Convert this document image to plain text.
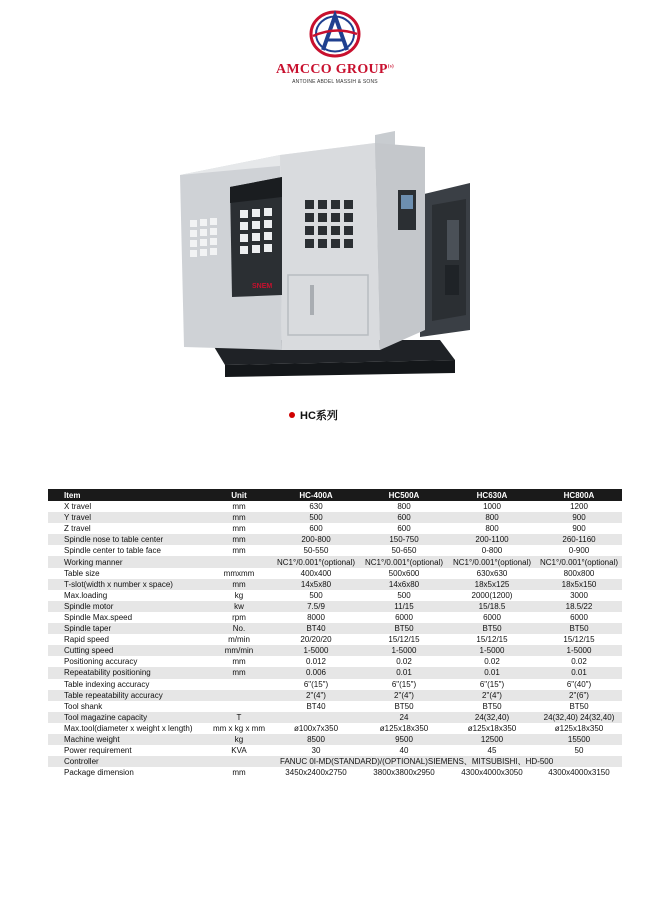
AMCCO GROUP$^{(s)}$
ANTOINE ABDEL MASSIH & SONS
SNEM
HC系列
Item	Unit	HC-400A	HC500A	HC630A	HC800A
X travel	mm	630	800	1000	1200
Y travel	mm	500	600	800	900
Z travel	mm	600	600	800	900
Spindle nose to table center	mm	200-800	150-750	200-1100	260-1160
Spindle center to table face	mm	50-550	50-650	0-800	0-900
Working manner		NC1°/0.001°(optional)	NC1°/0.001°(optional)	NC1°/0.001°(optional)	NC1°/0.001°(optional)
Table size	mmxmm	400x400	500x600	630x630	800x800
T-slot(width x number x space)	mm	14x5x80	14x6x80	18x5x125	18x5x150
Max.loading	kg	500	500	2000(1200)	3000
Spindle motor	kw	7.5/9	11/15	15/18.5	18.5/22
Spindle Max.speed	rpm	8000	6000	6000	6000
Spindle taper	No.	BT40	BT50	BT50	BT50
Rapid speed	m/min	20/20/20	15/12/15	15/12/15	15/12/15
Cutting speed	mm/min	1-5000	1-5000	1-5000	1-5000
Positioning accuracy	mm	0.012	0.02	0.02	0.02
Repeatability positioning	mm	0.006	0.01	0.01	0.01
Table indexing accuracy		6"(15")	6"(15")	6"(15")	6"(40")
Table repeatability accuracy		2"(4")	2"(4")	2"(4")	2"(6")
Tool shank		BT40	BT50	BT50	BT50
Tool magazine capacity	T		24	24(32,40)	24(32,40) 24(32,40)
Max.tool(diameter x weight x length)	mm x kg x mm	ø100x7x350	ø125x18x350	ø125x18x350	ø125x18x350
Machine weight	kg	8500	9500	12500	15500
Power requirement	KVA	30	40	45	50
Controller		FANUC 0I-MD(STANDARD)/(OPTIONAL)SIEMENS、MITSUBISHI、HD-500			
Package dimension	mm	3450x2400x2750	3800x3800x2950	4300x4000x3050	4300x4000x3150
